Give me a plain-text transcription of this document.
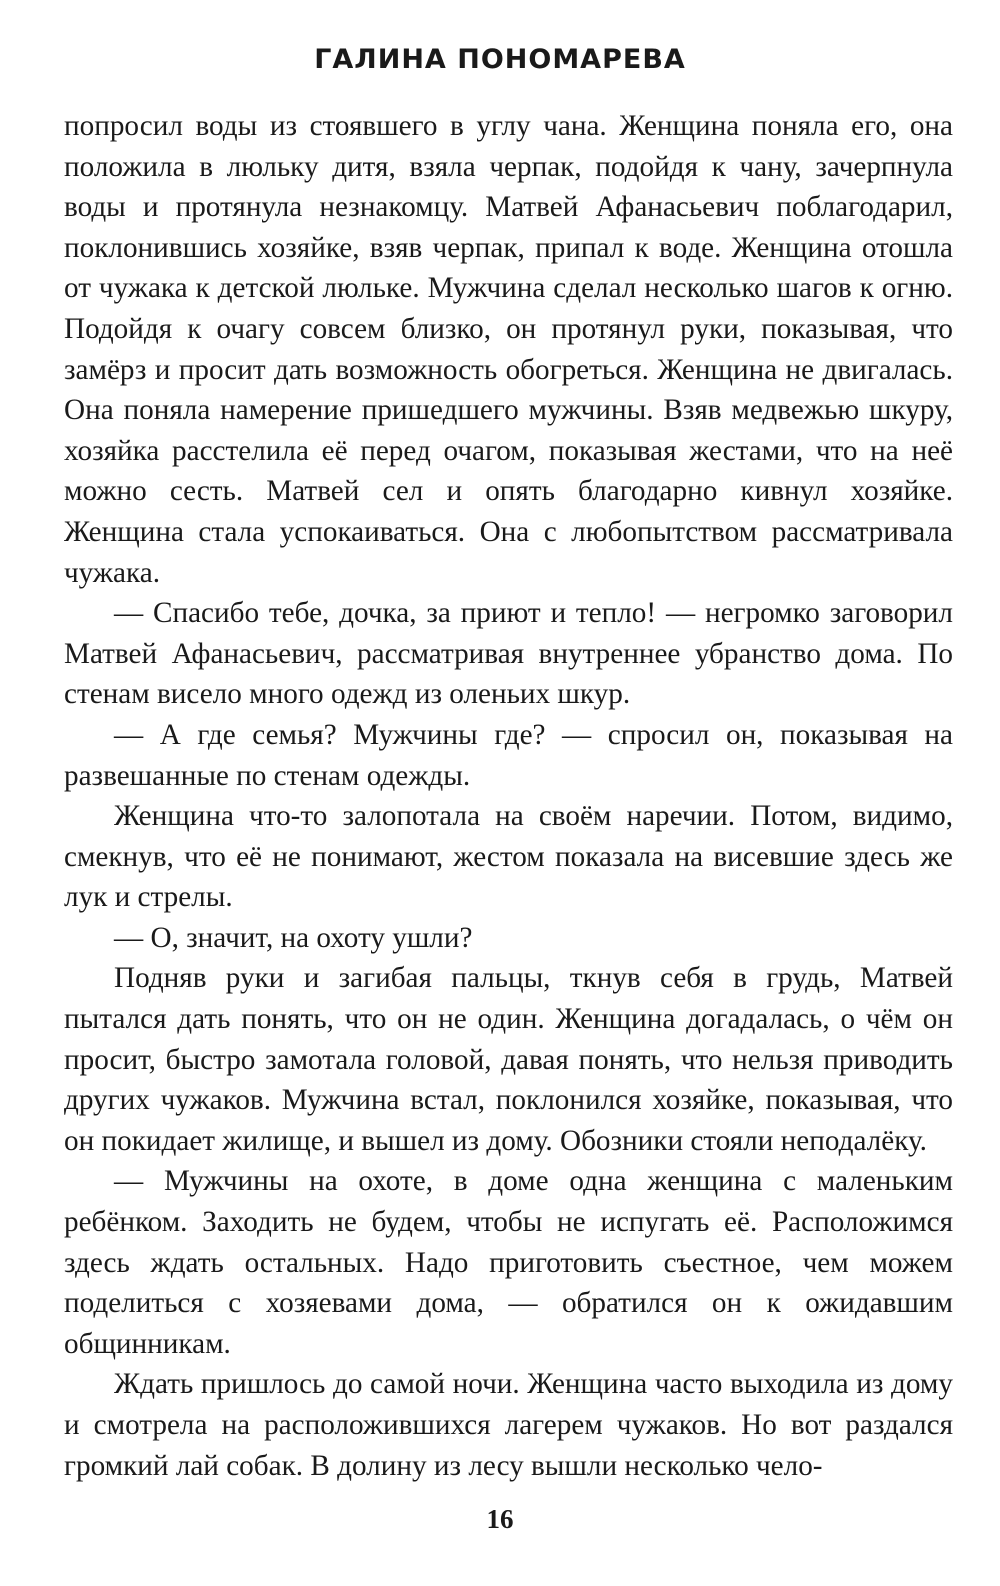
ГАЛИНА ПОНОМАРЕВА

попросил воды из стоявшего в углу чана. Женщина поняла его, она положила в люльку дитя, взяла черпак, подойдя к чану, зачерпнула воды и протянула незнакомцу. Матвей Афанасьевич поблагодарил, поклонившись хозяйке, взяв черпак, припал к воде. Женщина отошла от чужака к детской люльке. Мужчина сделал несколько шагов к огню. Подойдя к очагу совсем близко, он протянул руки, показывая, что замёрз и просит дать возможность обогреться. Женщина не двигалась. Она поняла намерение пришедшего мужчины. Взяв медвежью шкуру, хозяйка расстелила её перед очагом, показывая жестами, что на неё можно сесть. Матвей сел и опять благодарно кивнул хозяйке. Женщина стала успокаиваться. Она с любопытством рассматривала чужака.

— Спасибо тебе, дочка, за приют и тепло! — негромко заговорил Матвей Афанасьевич, рассматривая внутреннее убранство дома. По стенам висело много одежд из оленьих шкур.

— А где семья? Мужчины где? — спросил он, показывая на развешанные по стенам одежды.

Женщина что-то залопотала на своём наречии. Потом, видимо, смекнув, что её не понимают, жестом показала на висевшие здесь же лук и стрелы.

— О, значит, на охоту ушли?

Подняв руки и загибая пальцы, ткнув себя в грудь, Матвей пытался дать понять, что он не один. Женщина догадалась, о чём он просит, быстро замотала головой, давая понять, что нельзя приводить других чужаков. Мужчина встал, поклонился хозяйке, показывая, что он покидает жилище, и вышел из дому. Обозники стояли неподалёку.

— Мужчины на охоте, в доме одна женщина с маленьким ребёнком. Заходить не будем, чтобы не испугать её. Расположимся здесь ждать остальных. Надо приготовить съестное, чем можем поделиться с хозяевами дома, — обратился он к ожидавшим общинникам.

Ждать пришлось до самой ночи. Женщина часто выходила из дому и смотрела на расположившихся лагерем чужаков. Но вот раздался громкий лай собак. В долину из лесу вышли несколько чело-

16
